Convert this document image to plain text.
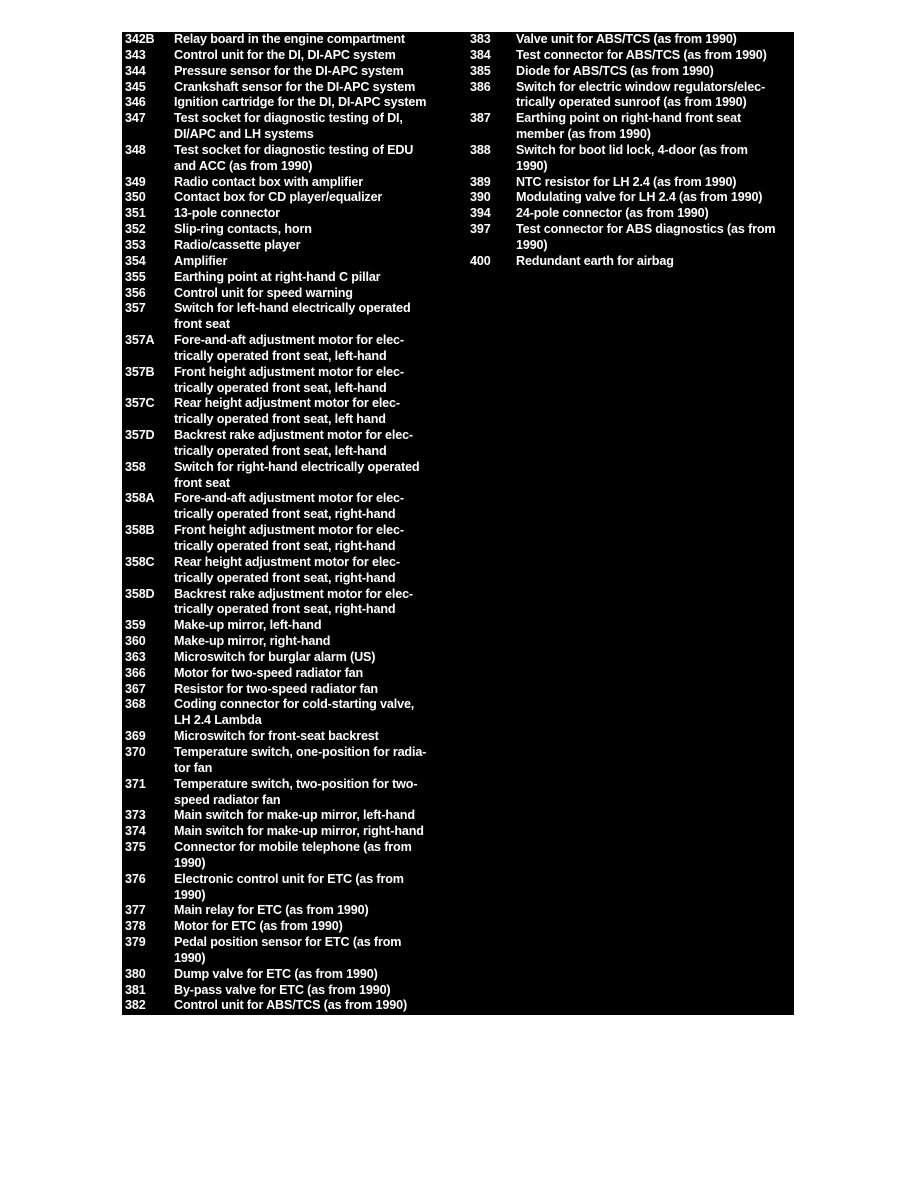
342B	Relay board in the engine compartment
343	Control unit for the DI, DI-APC system
344	Pressure sensor for the DI-APC system
345	Crankshaft sensor for the DI-APC system
346	Ignition cartridge for the DI, DI-APC system
347	Test socket for diagnostic testing of DI,
DI/APC and LH systems
348	Test socket for diagnostic testing of EDU
and ACC (as from 1990)
349	Radio contact box with amplifier
350	Contact box for CD player/equalizer
351	13-pole connector
352	Slip-ring contacts, horn
353	Radio/cassette player
354	Amplifier
355	Earthing point at right-hand C pillar
356	Control unit for speed warning
357	Switch for left-hand electrically operated
front seat
357A	Fore-and-aft adjustment motor for elec-
trically operated front seat, left-hand
357B	Front height adjustment motor for elec-
trically operated front seat, left-hand
357C	Rear height adjustment motor for elec-
trically operated front seat, left hand
357D	Backrest rake adjustment motor for elec-
trically operated front seat, left-hand
358	Switch for right-hand electrically operated
front seat
358A	Fore-and-aft adjustment motor for elec-
trically operated front seat, right-hand
358B	Front height adjustment motor for elec-
trically operated front seat, right-hand
358C	Rear height adjustment motor for elec-
trically operated front seat, right-hand
358D	Backrest rake adjustment motor for elec-
trically operated front seat, right-hand
359	Make-up mirror, left-hand
360	Make-up mirror, right-hand
363	Microswitch for burglar alarm (US)
366	Motor for two-speed radiator fan
367	Resistor for two-speed radiator fan
368	Coding connector for cold-starting valve,
LH 2.4 Lambda
369	Microswitch for front-seat backrest
370	Temperature switch, one-position for radia-
tor fan
371	Temperature switch, two-position for two-
speed radiator fan
373	Main switch for make-up mirror, left-hand
374	Main switch for make-up mirror, right-hand
375	Connector for mobile telephone (as from
1990)
376	Electronic control unit for ETC (as from
1990)
377	Main relay for ETC (as from 1990)
378	Motor for ETC (as from 1990)
379	Pedal position sensor for ETC (as from
1990)
380	Dump valve for ETC (as from 1990)
381	By-pass valve for ETC (as from 1990)
382	Control unit for ABS/TCS (as from 1990)
383	Valve unit for ABS/TCS (as from 1990)
384	Test connector for ABS/TCS (as from 1990)
385	Diode for ABS/TCS (as from 1990)
386	Switch for electric window regulators/elec-
trically operated sunroof (as from 1990)
387	Earthing point on right-hand front seat
member (as from 1990)
388	Switch for boot lid lock, 4-door (as from
1990)
389	NTC resistor for LH 2.4 (as from 1990)
390	Modulating valve for LH 2.4 (as from 1990)
394	24-pole connector (as from 1990)
397	Test connector for ABS diagnostics (as from
1990)
400	Redundant earth for airbag
